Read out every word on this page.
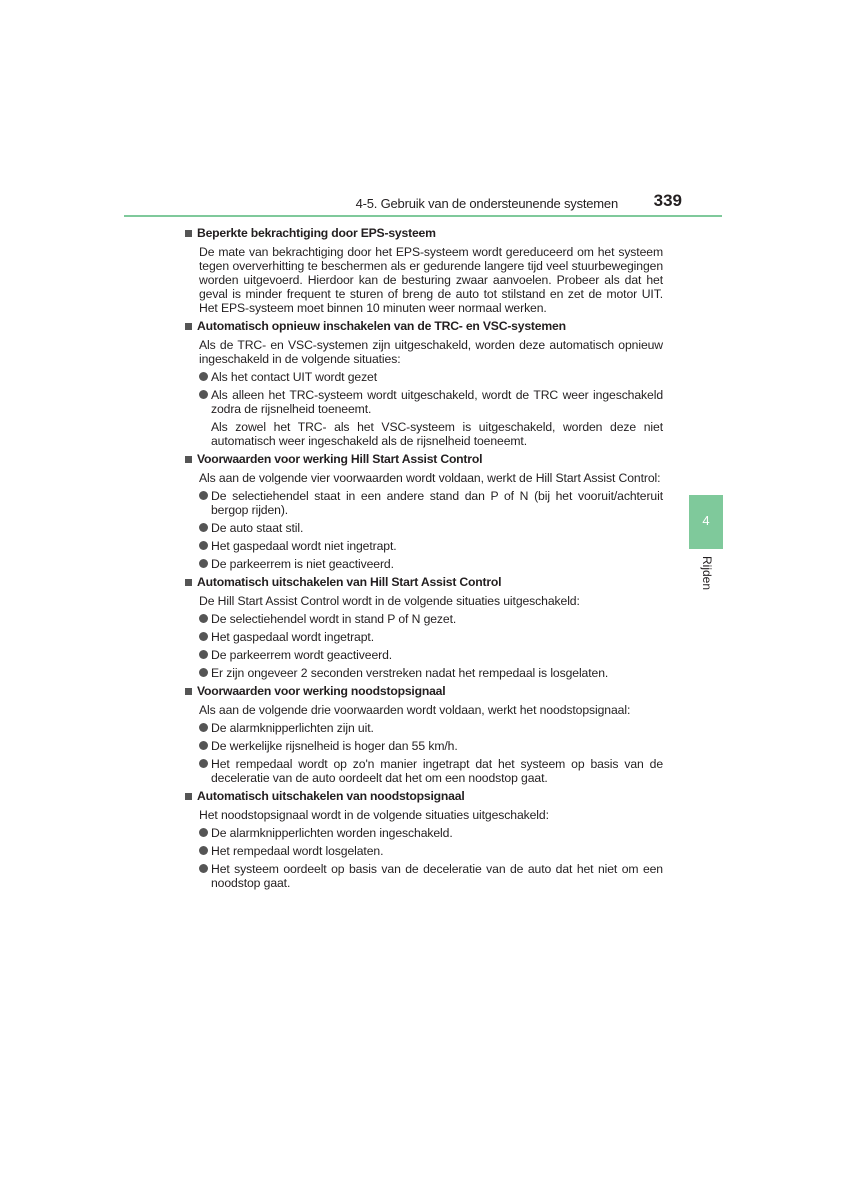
4-5. Gebruik van de ondersteunende systemen 339
4
Rijden
Beperkte bekrachtiging door EPS-systeem
De mate van bekrachtiging door het EPS-systeem wordt gereduceerd om het systeem tegen oververhitting te beschermen als er gedurende langere tijd veel stuurbewegingen worden uitgevoerd. Hierdoor kan de besturing zwaar aanvoelen. Probeer als dat het geval is minder frequent te sturen of breng de auto tot stilstand en zet de motor UIT. Het EPS-systeem moet binnen 10 minuten weer normaal werken.
Automatisch opnieuw inschakelen van de TRC- en VSC-systemen
Als de TRC- en VSC-systemen zijn uitgeschakeld, worden deze automatisch opnieuw ingeschakeld in de volgende situaties:
Als het contact UIT wordt gezet
Als alleen het TRC-systeem wordt uitgeschakeld, wordt de TRC weer ingeschakeld zodra de rijsnelheid toeneemt.
Als zowel het TRC- als het VSC-systeem is uitgeschakeld, worden deze niet automatisch weer ingeschakeld als de rijsnelheid toeneemt.
Voorwaarden voor werking Hill Start Assist Control
Als aan de volgende vier voorwaarden wordt voldaan, werkt de Hill Start Assist Control:
De selectiehendel staat in een andere stand dan P of N (bij het vooruit/achteruit bergop rijden).
De auto staat stil.
Het gaspedaal wordt niet ingetrapt.
De parkeerrem is niet geactiveerd.
Automatisch uitschakelen van Hill Start Assist Control
De Hill Start Assist Control wordt in de volgende situaties uitgeschakeld:
De selectiehendel wordt in stand P of N gezet.
Het gaspedaal wordt ingetrapt.
De parkeerrem wordt geactiveerd.
Er zijn ongeveer 2 seconden verstreken nadat het rempedaal is losgelaten.
Voorwaarden voor werking noodstopsignaal
Als aan de volgende drie voorwaarden wordt voldaan, werkt het noodstopsignaal:
De alarmknipperlichten zijn uit.
De werkelijke rijsnelheid is hoger dan 55 km/h.
Het rempedaal wordt op zo'n manier ingetrapt dat het systeem op basis van de deceleratie van de auto oordeelt dat het om een noodstop gaat.
Automatisch uitschakelen van noodstopsignaal
Het noodstopsignaal wordt in de volgende situaties uitgeschakeld:
De alarmknipperlichten worden ingeschakeld.
Het rempedaal wordt losgelaten.
Het systeem oordeelt op basis van de deceleratie van de auto dat het niet om een noodstop gaat.
